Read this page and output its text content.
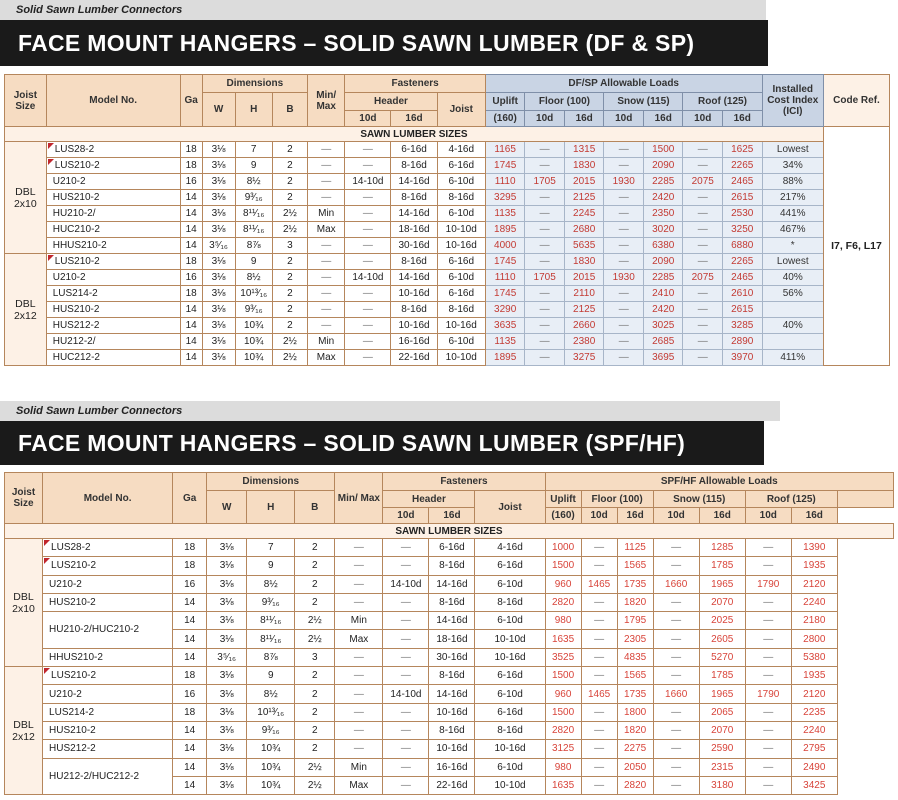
Solid Sawn Lumber Connectors
FACE MOUNT HANGERS – SOLID SAWN LUMBER (DF & SP)
Joist Size	Model No.	Ga	Dimensions			Min/ Max	Fasteners			DF/SP Allowable Loads							Installed Cost Index (ICI)	Code Ref.
			W	H	B		Header		Joist	Uplift	Floor (100)		Snow (115)		Roof (125)			
							10d	16d		(160)	10d	16d	10d	16d	10d	16d		
SAWN LUMBER SIZES																		I7, F6, L17
DBL 2x10	LUS28-2	18	3⅛	7	2	—	—	6-16d	4-16d	1165	—	1315	—	1500	—	1625	Lowest	
	LUS210-2	18	3⅛	9	2	—	—	8-16d	6-16d	1745	—	1830	—	2090	—	2265	34%	
	U210-2	16	3⅛	8½	2	—	14-10d	14-16d	6-10d	1110	1705	2015	1930	2285	2075	2465	88%	
	HUS210-2	14	3⅛	9³⁄₁₆	2	—	—	8-16d	8-16d	3295	—	2125	—	2420	—	2615	217%	
	HU210-2/	14	3⅛	8¹¹⁄₁₆	2½	Min	—	14-16d	6-10d	1135	—	2245	—	2350	—	2530	441%	
	HUC210-2	14	3⅛	8¹¹⁄₁₆	2½	Max	—	18-16d	10-10d	1895	—	2680	—	3020	—	3250	467%	
	HHUS210-2	14	3⁵⁄₁₆	8⅞	3	—	—	30-16d	10-16d	4000	—	5635	—	6380	—	6880	*	
DBL 2x12	LUS210-2	18	3⅛	9	2	—	—	8-16d	6-16d	1745	—	1830	—	2090	—	2265	Lowest	
	U210-2	16	3⅛	8½	2	—	14-10d	14-16d	6-10d	1110	1705	2015	1930	2285	2075	2465	40%	
	LUS214-2	18	3⅛	10¹³⁄₁₆	2	—	—	10-16d	6-16d	1745	—	2110	—	2410	—	2610	56%	
	HUS210-2	14	3⅛	9³⁄₁₆	2	—	—	8-16d	8-16d	3290	—	2125	—	2420	—	2615		
	HUS212-2	14	3⅛	10¾	2	—	—	10-16d	10-16d	3635	—	2660	—	3025	—	3285	40%	
	HU212-2/	14	3⅛	10¾	2½	Min	—	16-16d	6-10d	1135	—	2380	—	2685	—	2890		
	HUC212-2	14	3⅛	10¾	2½	Max	—	22-16d	10-10d	1895	—	3275	—	3695	—	3970	411%	
Solid Sawn Lumber Connectors
FACE MOUNT HANGERS – SOLID SAWN LUMBER (SPF/HF)
Joist Size	Model No.	Ga	Dimensions			Min/ Max	Fasteners			SPF/HF Allowable Loads							
			W	H	B		Header		Joist	Uplift	Floor (100)		Snow (115)		Roof (125)		
							10d	16d		(160)	10d	16d	10d	16d	10d	16d	
SAWN LUMBER SIZES																	
DBL 2x10	LUS28-2	18	3⅛	7	2	—	—	6-16d	4-16d	1000	—	1125	—	1285	—	1390	
	LUS210-2	18	3⅛	9	2	—	—	8-16d	6-16d	1500	—	1565	—	1785	—	1935	
	U210-2	16	3⅛	8½	2	—	14-10d	14-16d	6-10d	960	1465	1735	1660	1965	1790	2120	
	HUS210-2	14	3⅛	9³⁄₁₆	2	—	—	8-16d	8-16d	2820	—	1820	—	2070	—	2240	
	HU210-2/HUC210-2	14	3⅛	8¹¹⁄₁₆	2½	Min	—	14-16d	6-10d	980	—	1795	—	2025	—	2180	
		14	3⅛	8¹¹⁄₁₆	2½	Max	—	18-16d	10-10d	1635	—	2305	—	2605	—	2800	
	HHUS210-2	14	3⁵⁄₁₆	8⅞	3	—	—	30-16d	10-16d	3525	—	4835	—	5270	—	5380	
DBL 2x12	LUS210-2	18	3⅛	9	2	—	—	8-16d	6-16d	1500	—	1565	—	1785	—	1935	
	U210-2	16	3⅛	8½	2	—	14-10d	14-16d	6-10d	960	1465	1735	1660	1965	1790	2120	
	LUS214-2	18	3⅛	10¹³⁄₁₆	2	—	—	10-16d	6-16d	1500	—	1800	—	2065	—	2235	
	HUS210-2	14	3⅛	9³⁄₁₆	2	—	—	8-16d	8-16d	2820	—	1820	—	2070	—	2240	
	HUS212-2	14	3⅛	10¾	2	—	—	10-16d	10-16d	3125	—	2275	—	2590	—	2795	
	HU212-2/HUC212-2	14	3⅛	10¾	2½	Min	—	16-16d	6-10d	980	—	2050	—	2315	—	2490	
		14	3⅛	10¾	2½	Max	—	22-16d	10-10d	1635	—	2820	—	3180	—	3425	
